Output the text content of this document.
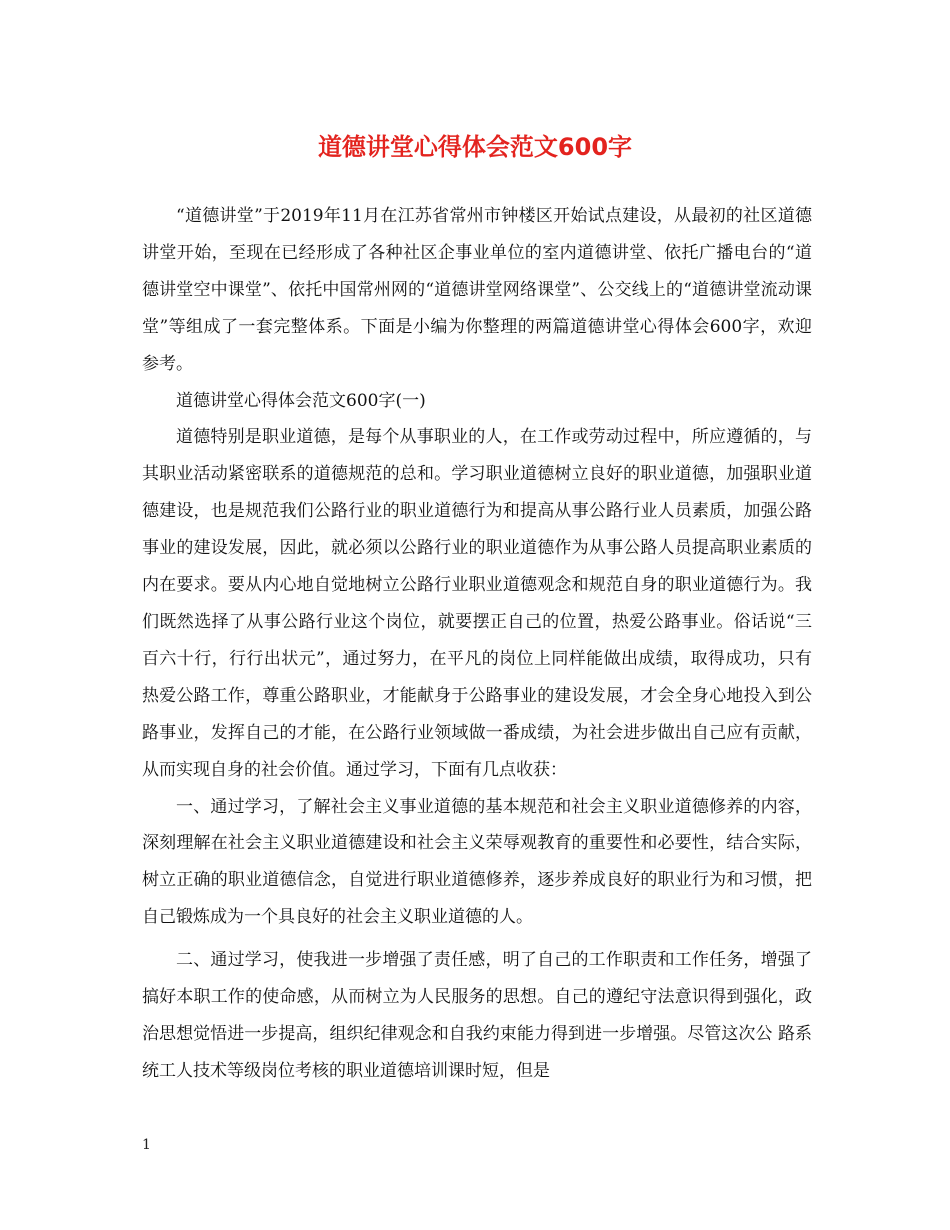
道德讲堂心得体会范文600字

“道德讲堂”于2019年11月在江苏省常州市钟楼区开始试点建设，从最初的社区道德讲堂开始，至现在已经形成了各种社区企事业单位的室内道德讲堂、依托广播电台的“道德讲堂空中课堂”、依托中国常州网的“道德讲堂网络课堂”、公交线上的“道德讲堂流动课堂”等组成了一套完整体系。下面是小编为你整理的两篇道德讲堂心得体会600字，欢迎参考。

道德讲堂心得体会范文600字(一)

道德特别是职业道德，是每个从事职业的人，在工作或劳动过程中，所应遵循的，与其职业活动紧密联系的道德规范的总和。学习职业道德树立良好的职业道德，加强职业道德建设，也是规范我们公路行业的职业道德行为和提高从事公路行业人员素质，加强公路事业的建设发展，因此，就必须以公路行业的职业道德作为从事公路人员提高职业素质的内在要求。要从内心地自觉地树立公路行业职业道德观念和规范自身的职业道德行为。我们既然选择了从事公路行业这个岗位，就要摆正自己的位置，热爱公路事业。俗话说“三百六十行，行行出状元”，通过努力，在平凡的岗位上同样能做出成绩，取得成功，只有热爱公路工作，尊重公路职业，才能献身于公路事业的建设发展，才会全身心地投入到公路事业，发挥自己的才能，在公路行业领域做一番成绩，为社会进步做出自己应有贡献，从而实现自身的社会价值。通过学习，下面有几点收获：

一、通过学习，了解社会主义事业道德的基本规范和社会主义职业道德修养的内容，深刻理解在社会主义职业道德建设和社会主义荣辱观教育的重要性和必要性，结合实际，树立正确的职业道德信念，自觉进行职业道德修养，逐步养成良好的职业行为和习惯，把自己锻炼成为一个具良好的社会主义职业道德的人。

二、通过学习，使我进一步增强了责任感，明了自己的工作职责和工作任务，增强了搞好本职工作的使命感，从而树立为人民服务的思想。自己的遵纪守法意识得到强化，政治思想觉悟进一步提高，组织纪律观念和自我约束能力得到进一步增强。尽管这次公 路系统工人技术等级岗位考核的职业道德培训课时短，但是

1
